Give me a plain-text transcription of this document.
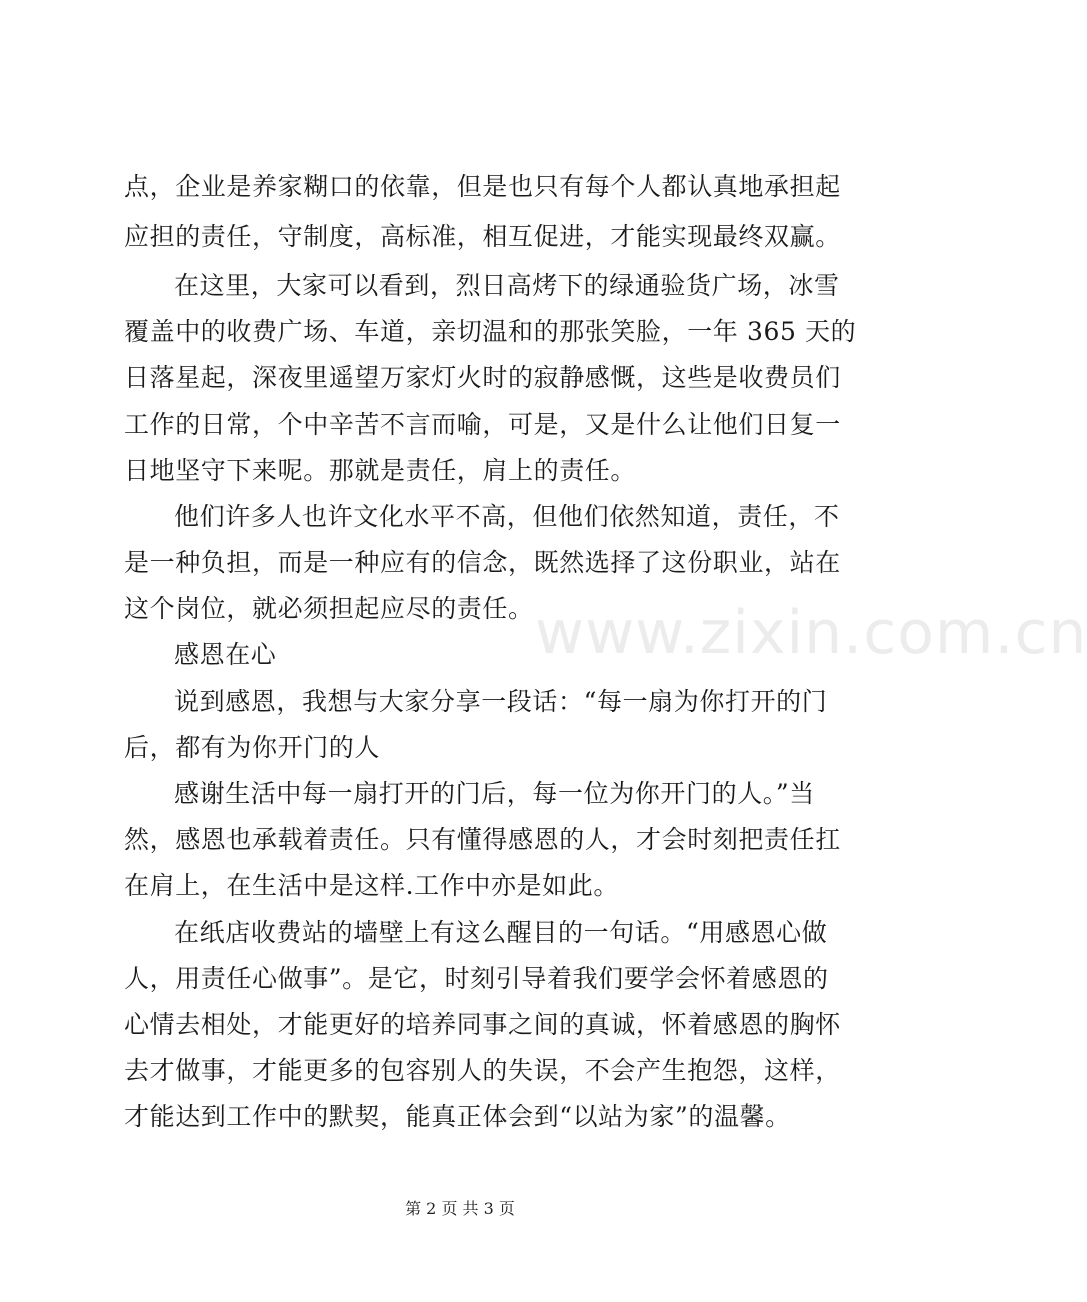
www.zixin.com.cn
点，企业是养家糊口的依靠，但是也只有每个人都认真地承担起
应担的责任，守制度，高标准，相互促进，才能实现最终双赢。
在这里，大家可以看到，烈日高烤下的绿通验货广场，冰雪
覆盖中的收费广场、车道，亲切温和的那张笑脸，一年 365 天的
日落星起，深夜里遥望万家灯火时的寂静感慨，这些是收费员们
工作的日常，个中辛苦不言而喻，可是，又是什么让他们日复一
日地坚守下来呢。那就是责任，肩上的责任。
他们许多人也许文化水平不高，但他们依然知道，责任，不
是一种负担，而是一种应有的信念，既然选择了这份职业，站在
这个岗位，就必须担起应尽的责任。
感恩在心
说到感恩，我想与大家分享一段话：“每一扇为你打开的门
后，都有为你开门的人
感谢生活中每一扇打开的门后，每一位为你开门的人。”当
然，感恩也承载着责任。只有懂得感恩的人，才会时刻把责任扛
在肩上，在生活中是这样.工作中亦是如此。
在纸店收费站的墙壁上有这么醒目的一句话。“用感恩心做
人，用责任心做事”。是它，时刻引导着我们要学会怀着感恩的
心情去相处，才能更好的培养同事之间的真诚，怀着感恩的胸怀
去才做事，才能更多的包容别人的失误，不会产生抱怨，这样，
才能达到工作中的默契，能真正体会到“以站为家”的温馨。
第 2 页 共 3 页
